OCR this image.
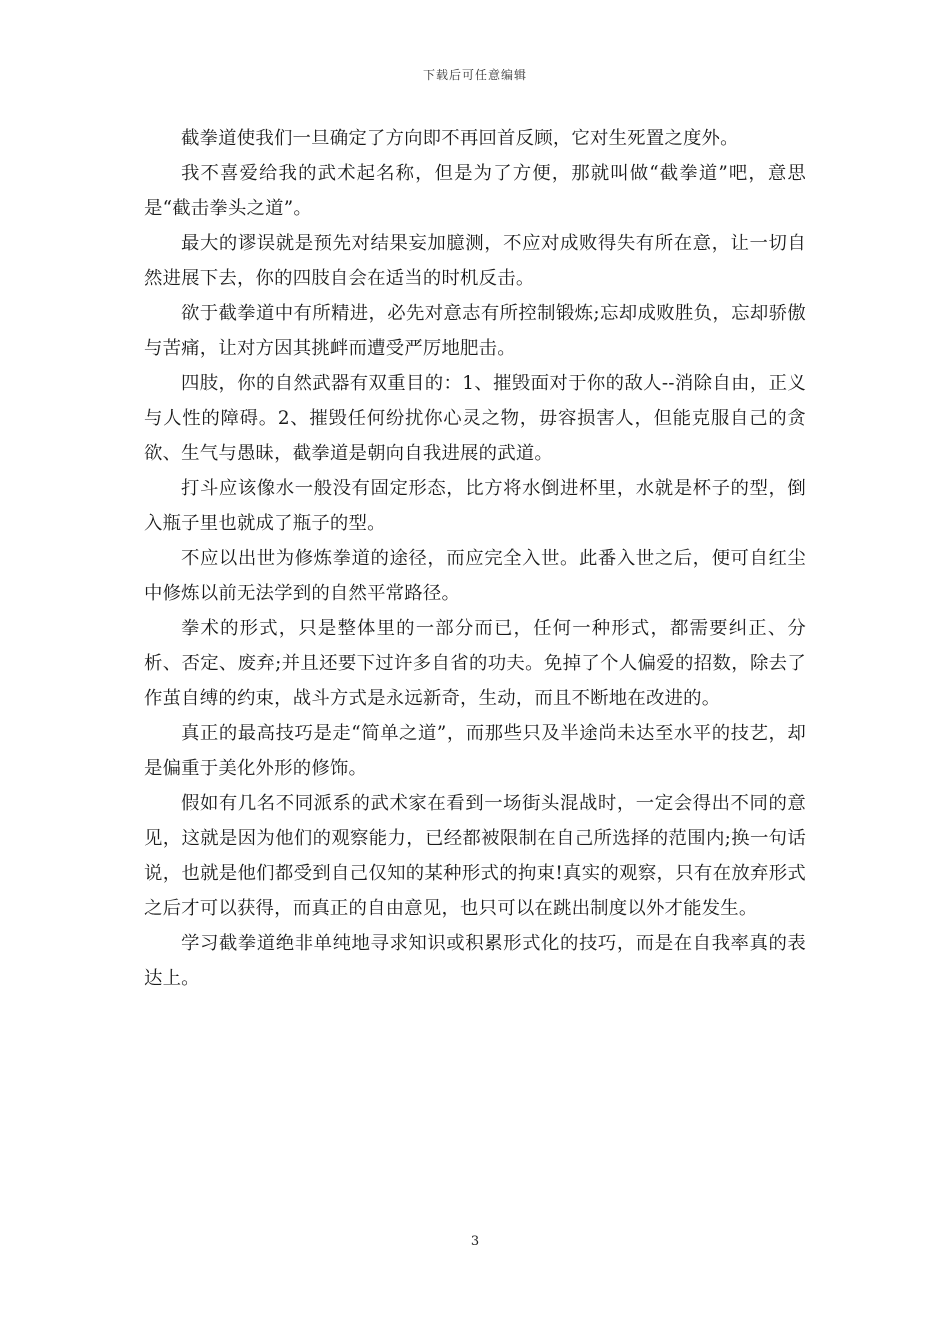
下载后可任意编辑

截拳道使我们一旦确定了方向即不再回首反顾，它对生死置之度外。

我不喜爱给我的武术起名称，但是为了方便，那就叫做“截拳道”吧，意思是“截击拳头之道”。

最大的谬误就是预先对结果妄加臆测，不应对成败得失有所在意，让一切自然进展下去，你的四肢自会在适当的时机反击。

欲于截拳道中有所精进，必先对意志有所控制锻炼;忘却成败胜负，忘却骄傲与苦痛，让对方因其挑衅而遭受严厉地肥击。

四肢，你的自然武器有双重目的：1、摧毁面对于你的敌人--消除自由，正义与人性的障碍。2、摧毁任何纷扰你心灵之物，毋容损害人，但能克服自己的贪欲、生气与愚昧，截拳道是朝向自我进展的武道。

打斗应该像水一般没有固定形态，比方将水倒进杯里，水就是杯子的型，倒入瓶子里也就成了瓶子的型。

不应以出世为修炼拳道的途径，而应完全入世。此番入世之后，便可自红尘中修炼以前无法学到的自然平常路径。

拳术的形式，只是整体里的一部分而已，任何一种形式，都需要纠正、分析、否定、废弃;并且还要下过许多自省的功夫。免掉了个人偏爱的招数，除去了作茧自缚的约束，战斗方式是永远新奇，生动，而且不断地在改进的。

真正的最高技巧是走“简单之道”，而那些只及半途尚未达至水平的技艺，却是偏重于美化外形的修饰。

假如有几名不同派系的武术家在看到一场街头混战时，一定会得出不同的意见，这就是因为他们的观察能力，已经都被限制在自己所选择的范围内;换一句话说，也就是他们都受到自己仅知的某种形式的拘束!真实的观察，只有在放弃形式之后才可以获得，而真正的自由意见，也只可以在跳出制度以外才能发生。

学习截拳道绝非单纯地寻求知识或积累形式化的技巧，而是在自我率真的表达上。

3
